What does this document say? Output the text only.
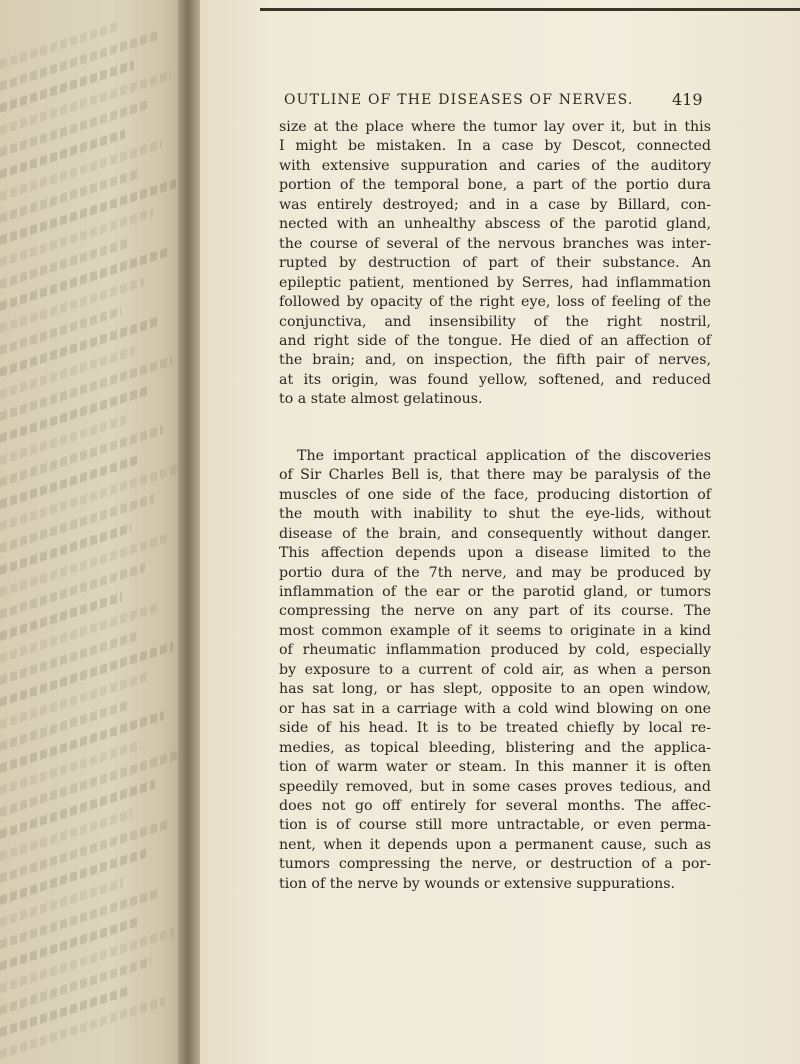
OUTLINE OF THE DISEASES OF NERVES. 419

size at the place where the tumor lay over it, but in this
I might be mistaken. In a case by Descot, connected
with extensive suppuration and caries of the auditory
portion of the temporal bone, a part of the portio dura
was entirely destroyed; and in a case by Billard, con-
nected with an unhealthy abscess of the parotid gland,
the course of several of the nervous branches was inter-
rupted by destruction of part of their substance. An
epileptic patient, mentioned by Serres, had inflammation
followed by opacity of the right eye, loss of feeling of the
conjunctiva, and insensibility of the right nostril,
and right side of the tongue. He died of an affection of
the brain; and, on inspection, the fifth pair of nerves,
at its origin, was found yellow, softened, and reduced
to a state almost gelatinous.

The important practical application of the discoveries
of Sir Charles Bell is, that there may be paralysis of the
muscles of one side of the face, producing distortion of
the mouth with inability to shut the eye-lids, without
disease of the brain, and consequently without danger.
This affection depends upon a disease limited to the
portio dura of the 7th nerve, and may be produced by
inflammation of the ear or the parotid gland, or tumors
compressing the nerve on any part of its course. The
most common example of it seems to originate in a kind
of rheumatic inflammation produced by cold, especially
by exposure to a current of cold air, as when a person
has sat long, or has slept, opposite to an open window,
or has sat in a carriage with a cold wind blowing on one
side of his head. It is to be treated chiefly by local re-
medies, as topical bleeding, blistering and the applica-
tion of warm water or steam. In this manner it is often
speedily removed, but in some cases proves tedious, and
does not go off entirely for several months. The affec-
tion is of course still more untractable, or even perma-
nent, when it depends upon a permanent cause, such as
tumors compressing the nerve, or destruction of a por-
tion of the nerve by wounds or extensive suppurations.
